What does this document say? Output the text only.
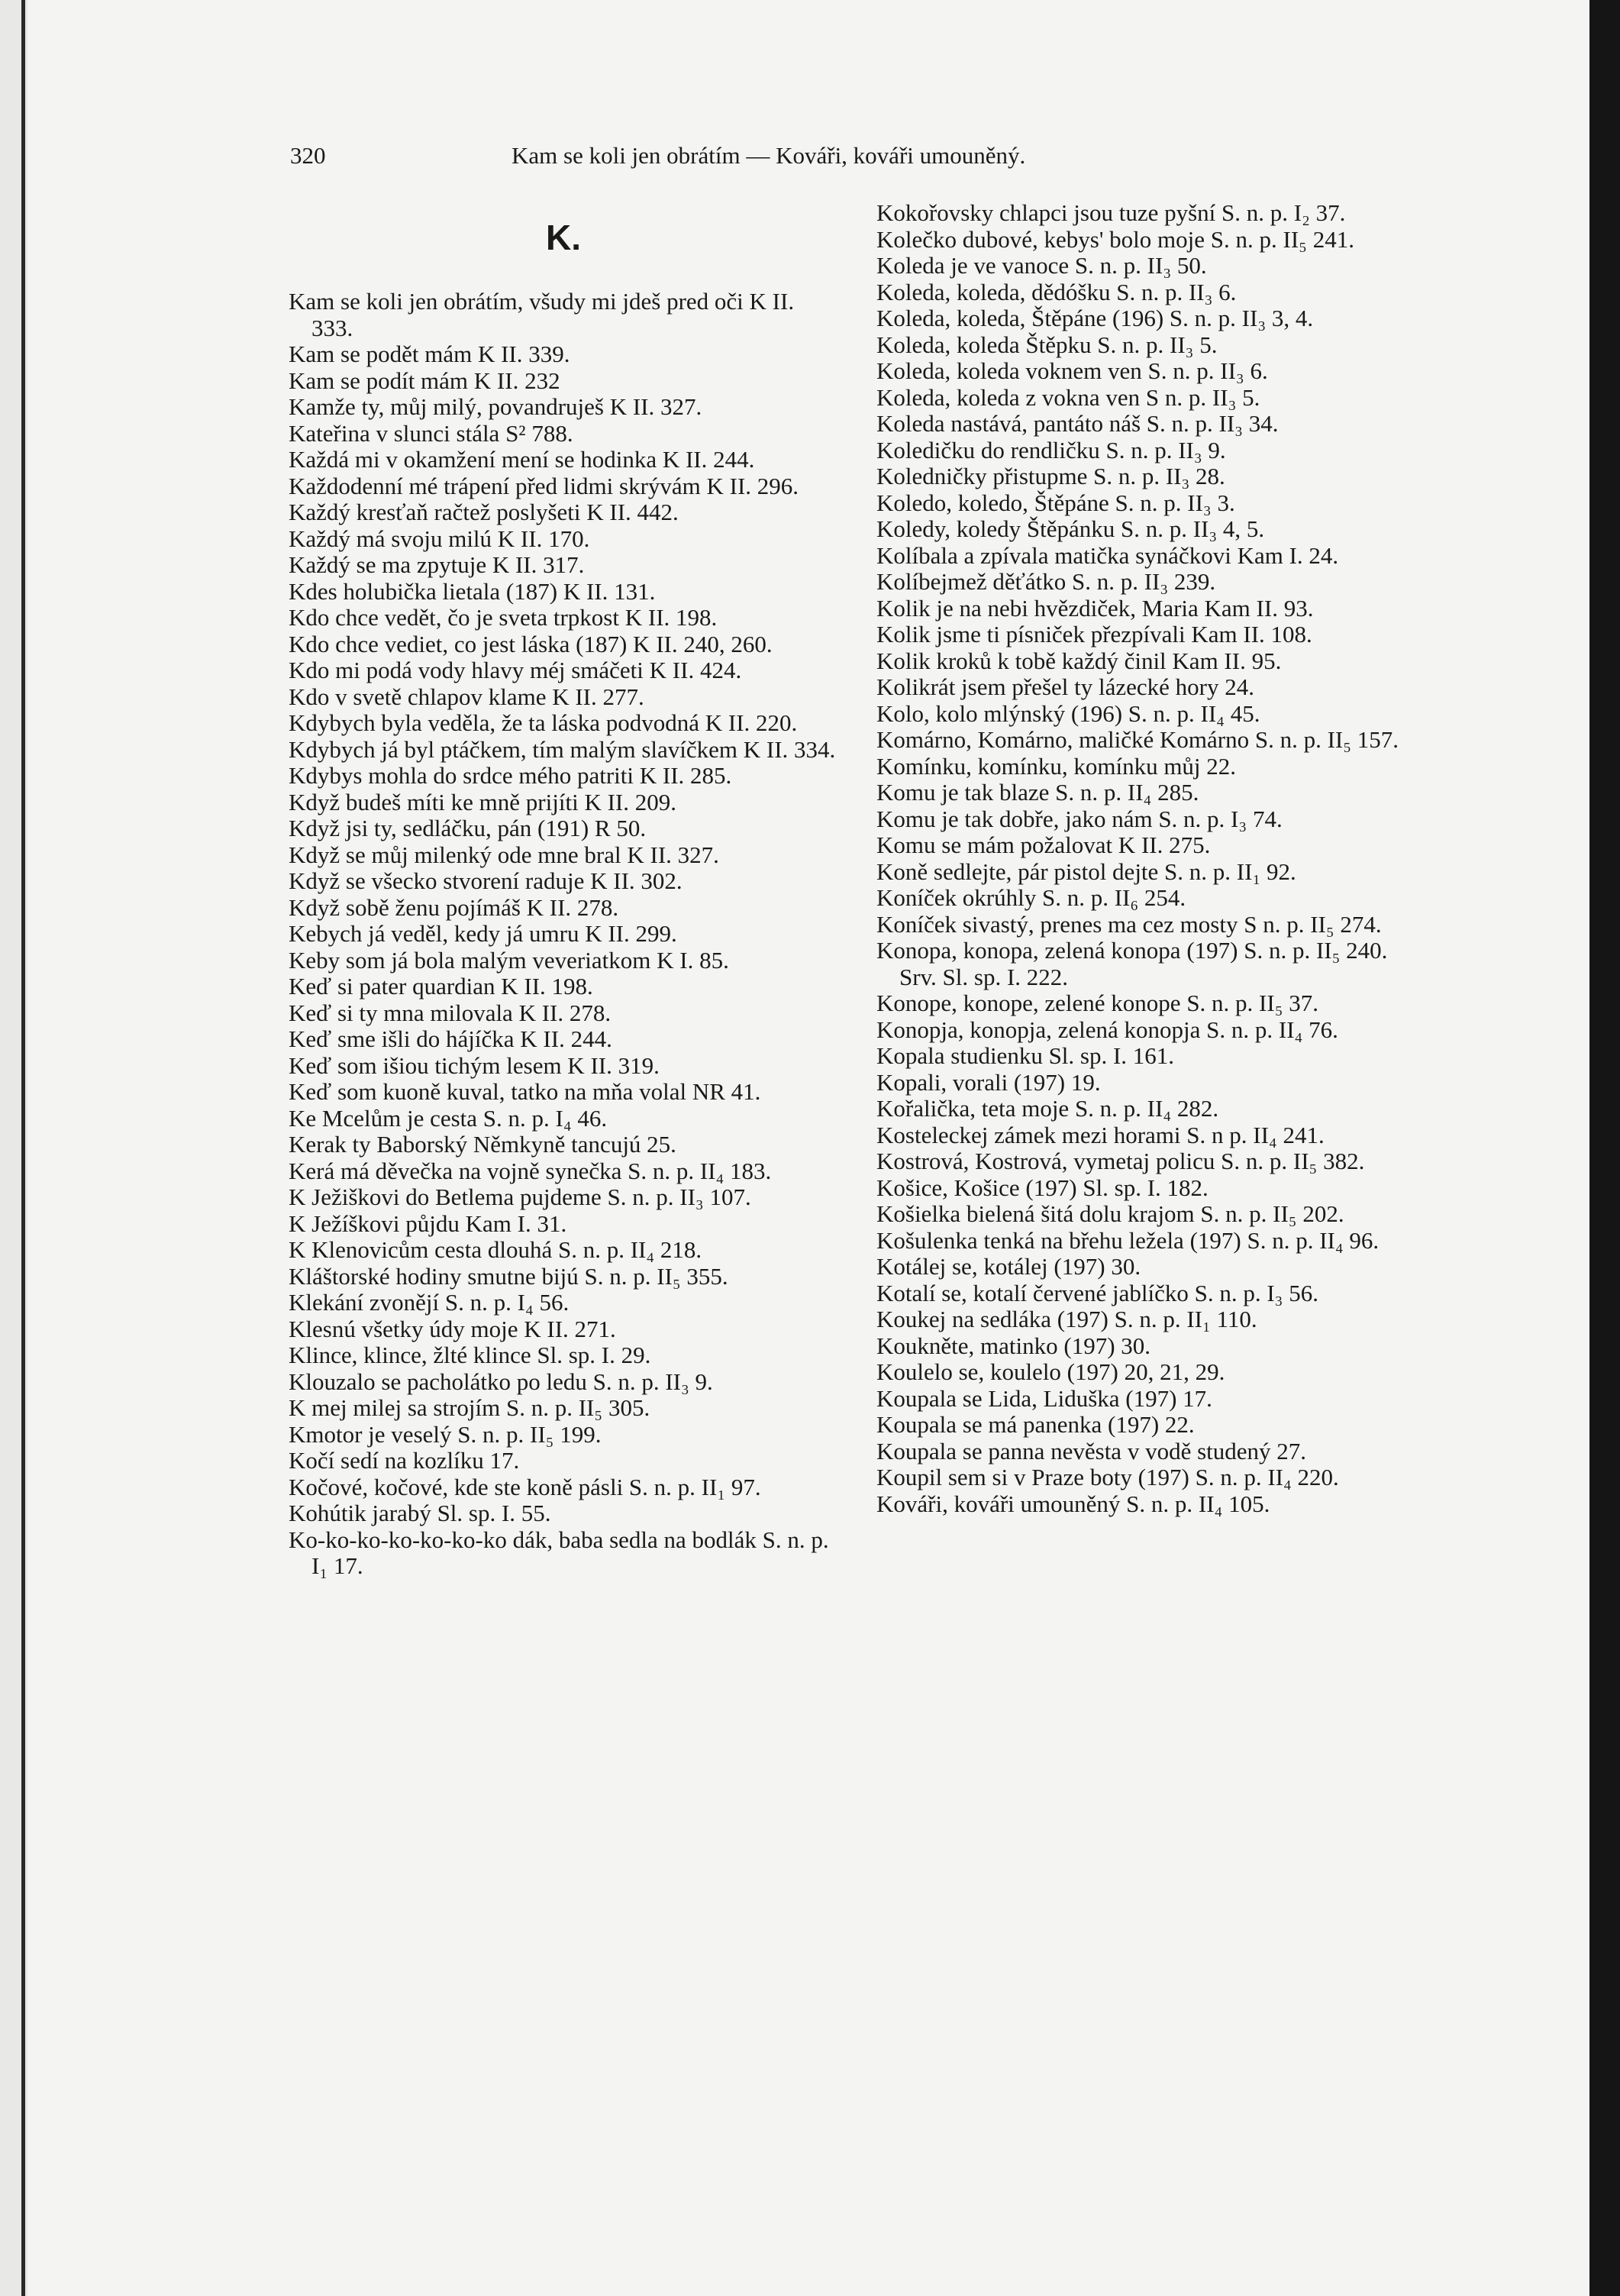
320	Kam se koli jen obrátím — Kováři, kováři umouněný.
K.

Kam se koli jen obrátím, všudy mi jdeš pred oči K II. 333.

Kam se podět mám K II. 339.

Kam se podít mám K II. 232

Kamže ty, můj milý, povandruješ K II. 327.

Kateřina v slunci stála S² 788.

Každá mi v okamžení mení se hodinka K II. 244.

Každodenní mé trápení před lidmi skrývám K II. 296.

Každý kresťaň račtež poslyšeti K II. 442.

Každý má svoju milú K II. 170.

Každý se ma zpytuje K II. 317.

Kdes holubička lietala (187) K II. 131.

Kdo chce vedět, čo je sveta trpkost K II. 198.

Kdo chce vediet, co jest láska (187) K II. 240, 260.

Kdo mi podá vody hlavy méj smáčeti K II. 424.

Kdo v svetě chlapov klame K II. 277.

Kdybych byla veděla, že ta láska podvodná K II. 220.

Kdybych já byl ptáčkem, tím malým slavíčkem K II. 334.

Kdybys mohla do srdce mého patriti K II. 285.

Když budeš míti ke mně prijíti K II. 209.

Když jsi ty, sedláčku, pán (191) R 50.

Když se můj milenký ode mne bral K II. 327.

Když se všecko stvorení raduje K II. 302.

Když sobě ženu pojímáš K II. 278.

Kebych já veděl, kedy já umru K II. 299.

Keby som já bola malým veveriatkom K I. 85.

Keď si pater quardian K II. 198.

Keď si ty mna milovala K II. 278.

Keď sme išli do hájíčka K II. 244.

Keď som išiou tichým lesem K II. 319.

Keď som kuoně kuval, tatko na mňa volal NR 41.

Ke Mcelům je cesta S. n. p. I₄ 46.

Kerak ty Baborský Němkyně tancujú 25.

Kerá má děvečka na vojně synečka S. n. p. II₄ 183.

K Ježiškovi do Betlema pujdeme S. n. p. II₃ 107.

K Ježíškovi půjdu Kam I. 31.

K Klenovicům cesta dlouhá S. n. p. II₄ 218.

Kláštorské hodiny smutne bijú S. n. p. II₅ 355.

Klekání zvonějí S. n. p. I₄ 56.

Klesnú všetky údy moje K II. 271.

Klince, klince, žlté klince Sl. sp. I. 29.

Klouzalo se pacholátko po ledu S. n. p. II₃ 9.

K mej milej sa strojím S. n. p. II₅ 305.

Kmotor je veselý S. n. p. II₅ 199.

Kočí sedí na kozlíku 17.

Kočové, kočové, kde ste koně pásli S. n. p. II₁ 97.

Kohútik jarabý Sl. sp. I. 55.

Ko-ko-ko-ko-ko-ko-ko dák, baba sedla na bodlák S. n. p. I₁ 17.

Kokořovsky chlapci jsou tuze pyšní S. n. p. I₂ 37.

Kolečko dubové, kebys' bolo moje S. n. p. II₅ 241.

Koleda je ve vanoce S. n. p. II₃ 50.

Koleda, koleda, dědóšku S. n. p. II₃ 6.

Koleda, koleda, Štěpáne (196) S. n. p. II₃ 3, 4.

Koleda, koleda Štěpku S. n. p. II₃ 5.

Koleda, koleda voknem ven S. n. p. II₃ 6.

Koleda, koleda z vokna ven S n. p. II₃ 5.

Koleda nastává, pantáto náš S. n. p. II₃ 34.

Koledičku do rendličku S. n. p. II₃ 9.

Koledničky přistupme S. n. p. II₃ 28.

Koledo, koledo, Štěpáne S. n. p. II₃ 3.

Koledy, koledy Štěpánku S. n. p. II₃ 4, 5.

Kolíbala a zpívala matička synáčkovi Kam I. 24.

Kolíbejmež děťátko S. n. p. II₃ 239.

Kolik je na nebi hvězdiček, Maria Kam II. 93.

Kolik jsme ti písniček přezpívali Kam II. 108.

Kolik kroků k tobě každý činil Kam II. 95.

Kolikrát jsem přešel ty lázecké hory 24.

Kolo, kolo mlýnský (196) S. n. p. II₄ 45.

Komárno, Komárno, maličké Komárno S. n. p. II₅ 157.

Komínku, komínku, komínku můj 22.

Komu je tak blaze S. n. p. II₄ 285.

Komu je tak dobře, jako nám S. n. p. I₃ 74.

Komu se mám požalovat K II. 275.

Koně sedlejte, pár pistol dejte S. n. p. II₁ 92.

Koníček okrúhly S. n. p. II₆ 254.

Koníček sivastý, prenes ma cez mosty S n. p. II₅ 274.

Konopa, konopa, zelená konopa (197) S. n. p. II₅ 240. Srv. Sl. sp. I. 222.

Konope, konope, zelené konope S. n. p. II₅ 37.

Konopja, konopja, zelená konopja S. n. p. II₄ 76.

Kopala studienku Sl. sp. I. 161.

Kopali, vorali (197) 19.

Kořalička, teta moje S. n. p. II₄ 282.

Kosteleckej zámek mezi horami S. n p. II₄ 241.

Kostrová, Kostrová, vymetaj policu S. n. p. II₅ 382.

Košice, Košice (197) Sl. sp. I. 182.

Košielka bielená šitá dolu krajom S. n. p. II₅ 202.

Košulenka tenká na břehu ležela (197) S. n. p. II₄ 96.

Kotálej se, kotálej (197) 30.

Kotalí se, kotalí červené jablíčko S. n. p. I₃ 56.

Koukej na sedláka (197) S. n. p. II₁ 110.

Koukněte, matinko (197) 30.

Koulelo se, koulelo (197) 20, 21, 29.

Koupala se Lida, Liduška (197) 17.

Koupala se má panenka (197) 22.

Koupala se panna nevěsta v vodě studený 27.

Koupil sem si v Praze boty (197) S. n. p. II₄ 220.

Kováři, kováři umouněný S. n. p. II₄ 105.
